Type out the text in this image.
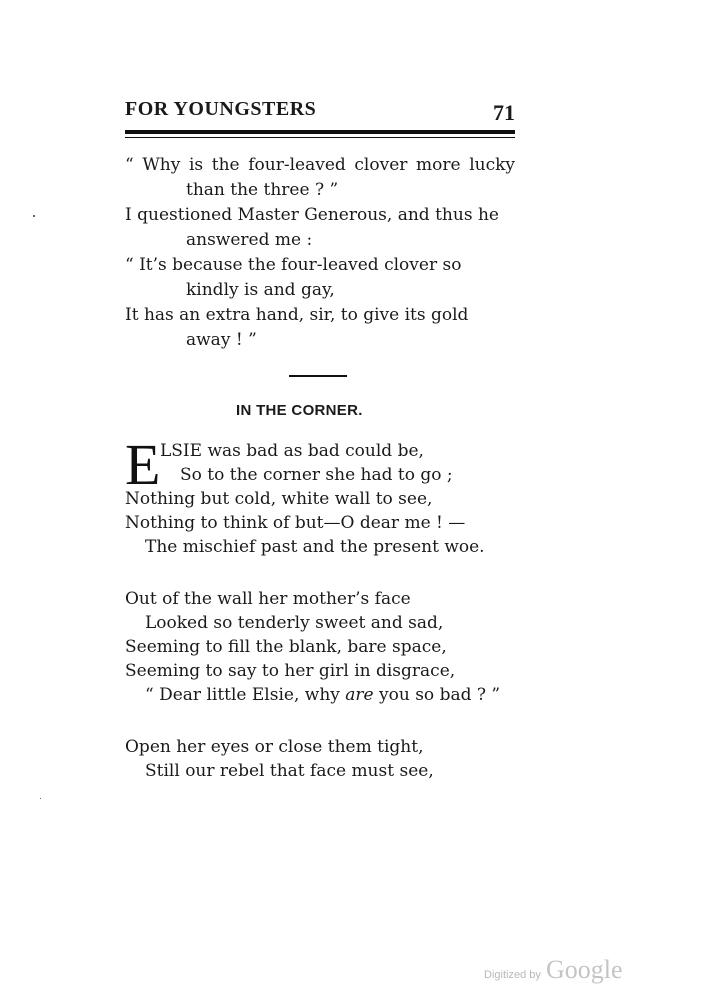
FOR YOUNGSTERS	71
“ Why is the four-leaved clover more lucky
than the three ? ”
I questioned Master Generous, and thus he
answered me :
“ It’s because the four-leaved clover so
kindly is and gay,
It has an extra hand, sir, to give its gold
away ! ”
IN THE CORNER.
E LSIE was bad as bad could be,
So to the corner she had to go ;
Nothing but cold, white wall to see,
Nothing to think of but—O dear me ! —
The mischief past and the present woe.
Out of the wall her mother’s face
Looked so tenderly sweet and sad,
Seeming to fill the blank, bare space,
Seeming to say to her girl in disgrace,
“ Dear little Elsie, why are you so bad ? ”
Open her eyes or close them tight,
Still our rebel that face must see,
Digitized by Google
